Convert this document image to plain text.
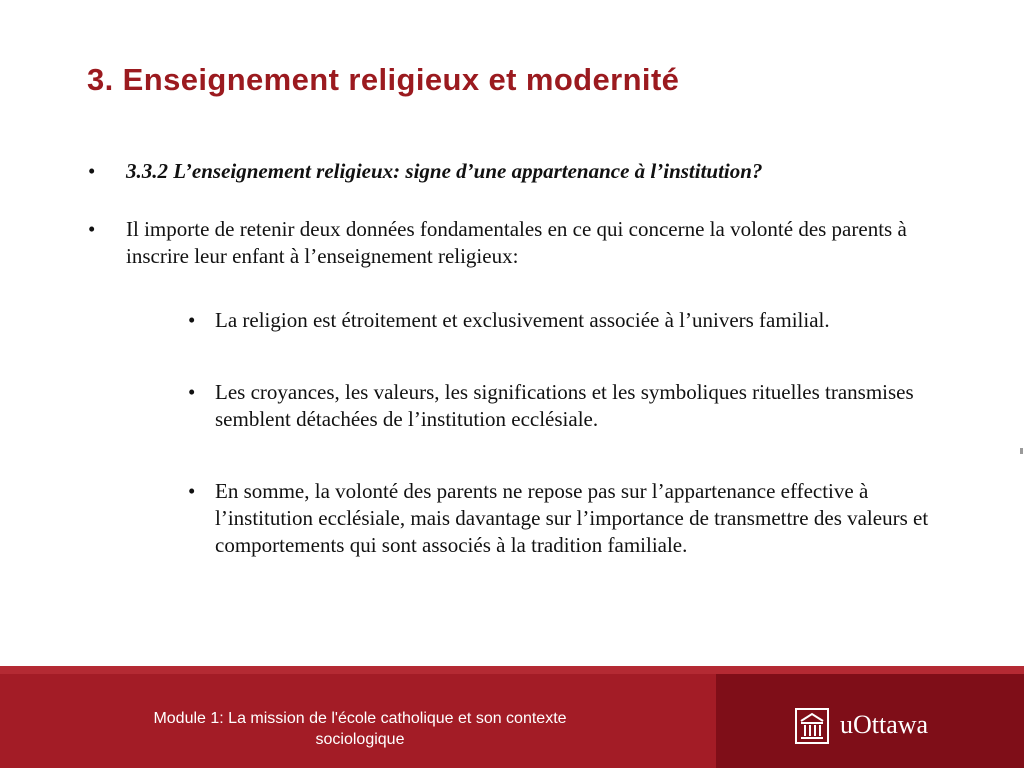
3. Enseignement religieux et modernité
• 3.3.2 L’enseignement religieux: signe d’une appartenance à l’institution?
• Il importe de retenir deux données fondamentales en ce qui concerne la volonté des parents à inscrire leur enfant à l’enseignement religieux:
• La religion est étroitement et exclusivement associée à l’univers familial.
• Les croyances, les valeurs, les significations et les symboliques rituelles transmises semblent détachées de l’institution ecclésiale.
• En somme, la volonté des parents ne repose pas sur l’appartenance effective à l’institution ecclésiale, mais davantage sur l’importance de transmettre des valeurs et comportements qui sont associés à la tradition familiale.
Module 1: La mission de l'école catholique et son contexte
sociologique
uOttawa
